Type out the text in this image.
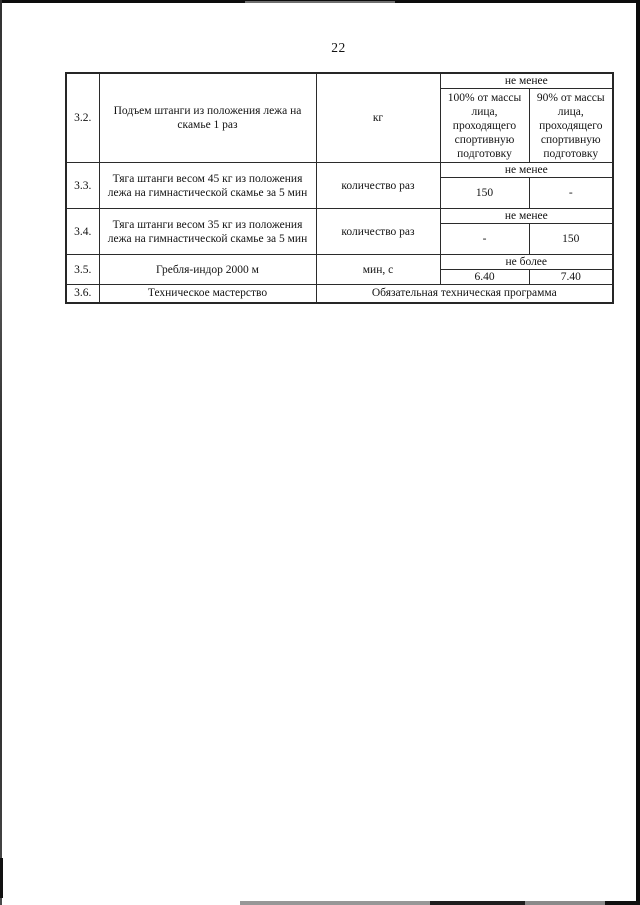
22
3.2.	Подъем штанги из положения лежа на скамье 1 раз	кг	не менее	
			100% от массы лица, проходящего спортивную подготовку	90% от массы лица, проходящего спортивную подготовку
3.3.	Тяга штанги весом 45 кг из положения лежа на гимнастической скамье за 5 мин	количество раз	не менее	
			150	-
3.4.	Тяга штанги весом 35 кг из положения лежа на гимнастической скамье за 5 мин	количество раз	не менее	
			-	150
3.5.	Гребля-индор 2000 м	мин, с	не более	
			6.40	7.40
3.6.	Техническое мастерство	Обязательная техническая программа		
